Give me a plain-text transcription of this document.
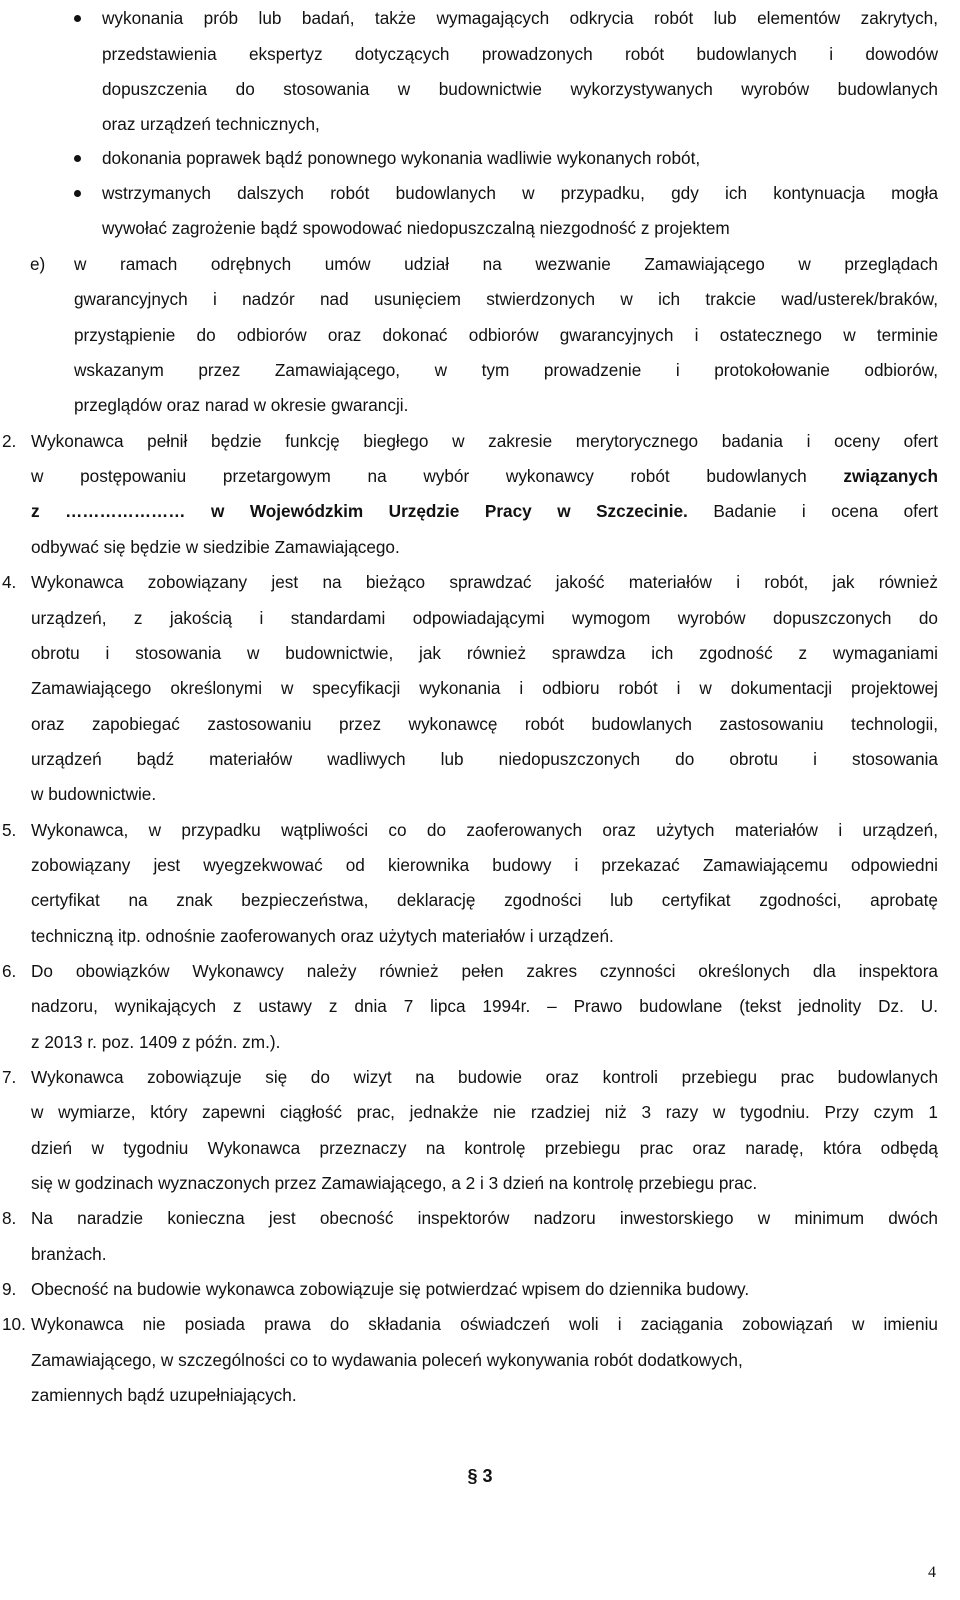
wykonania prób lub badań, także wymagających odkrycia robót lub elementów zakrytych,
przedstawienia ekspertyz dotyczących prowadzonych robót budowlanych i dowodów
dopuszczenia do stosowania w budownictwie wykorzystywanych wyrobów budowlanych
oraz urządzeń technicznych,
dokonania poprawek bądź ponownego wykonania wadliwie wykonanych robót,
wstrzymanych dalszych robót budowlanych w przypadku, gdy ich kontynuacja mogła
wywołać zagrożenie bądź spowodować niedopuszczalną niezgodność z projektem
e) w ramach odrębnych umów udział na wezwanie Zamawiającego w przeglądach
gwarancyjnych i nadzór nad usunięciem stwierdzonych w ich trakcie wad/usterek/braków,
przystąpienie do odbiorów oraz dokonać odbiorów gwarancyjnych i ostatecznego w terminie
wskazanym przez Zamawiającego, w tym prowadzenie i protokołowanie odbiorów,
przeglądów oraz narad w okresie gwarancji.
2. Wykonawca pełnił będzie funkcję biegłego w zakresie merytorycznego badania i oceny ofert
w postępowaniu przetargowym na wybór wykonawcy robót budowlanych związanych
z ………………… w Wojewódzkim Urzędzie Pracy w Szczecinie. Badanie i ocena ofert
odbywać się będzie w siedzibie Zamawiającego.
4. Wykonawca zobowiązany jest na bieżąco sprawdzać jakość materiałów i robót, jak również
urządzeń, z jakością i standardami odpowiadającymi wymogom wyrobów dopuszczonych do
obrotu i stosowania w budownictwie, jak również sprawdza ich zgodność z wymaganiami
Zamawiającego określonymi w specyfikacji wykonania i odbioru robót i w dokumentacji projektowej
oraz zapobiegać zastosowaniu przez wykonawcę robót budowlanych zastosowaniu technologii,
urządzeń bądź materiałów wadliwych lub niedopuszczonych do obrotu i stosowania
w budownictwie.
5. Wykonawca, w przypadku wątpliwości co do zaoferowanych oraz użytych materiałów i urządzeń,
zobowiązany jest wyegzekwować od kierownika budowy i przekazać Zamawiającemu odpowiedni
certyfikat na znak bezpieczeństwa, deklarację zgodności lub certyfikat zgodności, aprobatę
techniczną itp. odnośnie zaoferowanych oraz użytych materiałów i urządzeń.
6. Do obowiązków Wykonawcy należy również pełen zakres czynności określonych dla inspektora
nadzoru, wynikających z ustawy z dnia 7 lipca 1994r. – Prawo budowlane (tekst jednolity Dz. U.
z 2013 r. poz. 1409 z późn. zm.).
7. Wykonawca zobowiązuje się do wizyt na budowie oraz kontroli przebiegu prac budowlanych
w wymiarze, który zapewni ciągłość prac, jednakże nie rzadziej niż 3 razy w tygodniu. Przy czym 1
dzień w tygodniu Wykonawca przeznaczy na kontrolę przebiegu prac oraz naradę, która odbędą
się w godzinach wyznaczonych przez Zamawiającego, a 2 i 3 dzień na kontrolę przebiegu prac.
8. Na naradzie konieczna jest obecność inspektorów nadzoru inwestorskiego w minimum dwóch
branżach.
9. Obecność na budowie wykonawca zobowiązuje się potwierdzać wpisem do dziennika budowy.
10. Wykonawca nie posiada prawa do składania oświadczeń woli i zaciągania zobowiązań w imieniu
Zamawiającego, w szczególności co to wydawania poleceń wykonywania robót dodatkowych,
zamiennych bądź uzupełniających.
§ 3
4
